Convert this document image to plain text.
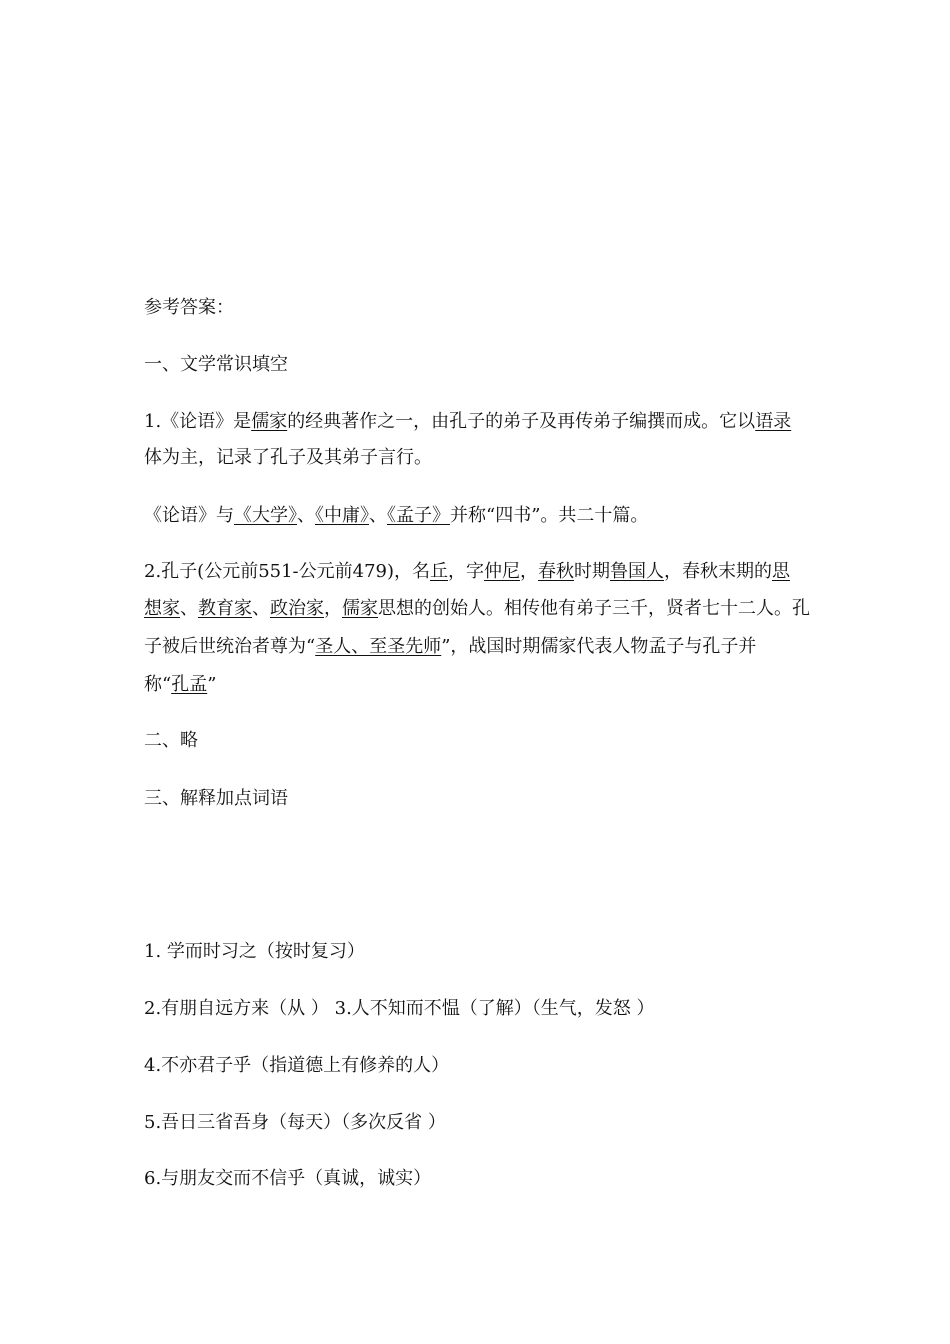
参考答案：
一、文学常识填空
1.《论语》是儒家的经典著作之一，由孔子的弟子及再传弟子编撰而成。它以语录
体为主，记录了孔子及其弟子言行。
《论语》与《大学》、《中庸》、《孟子》并称“四书”。共二十篇。
2.孔子(公元前551-公元前479)，名丘，字仲尼，春秋时期鲁国人，春秋末期的思
想家、教育家、政治家，儒家思想的创始人。相传他有弟子三千，贤者七十二人。孔
子被后世统治者尊为“圣人、至圣先师”，战国时期儒家代表人物孟子与孔子并
称“孔孟”
二、略
三、解释加点词语
1. 学而时习之（按时复习）
2.有朋自远方来（从 ） 3.人不知而不愠（了解）（生气，发怒 ）
4.不亦君子乎（指道德上有修养的人）
5.吾日三省吾身（每天）（多次反省 ）
6.与朋友交而不信乎（真诚，诚实）
